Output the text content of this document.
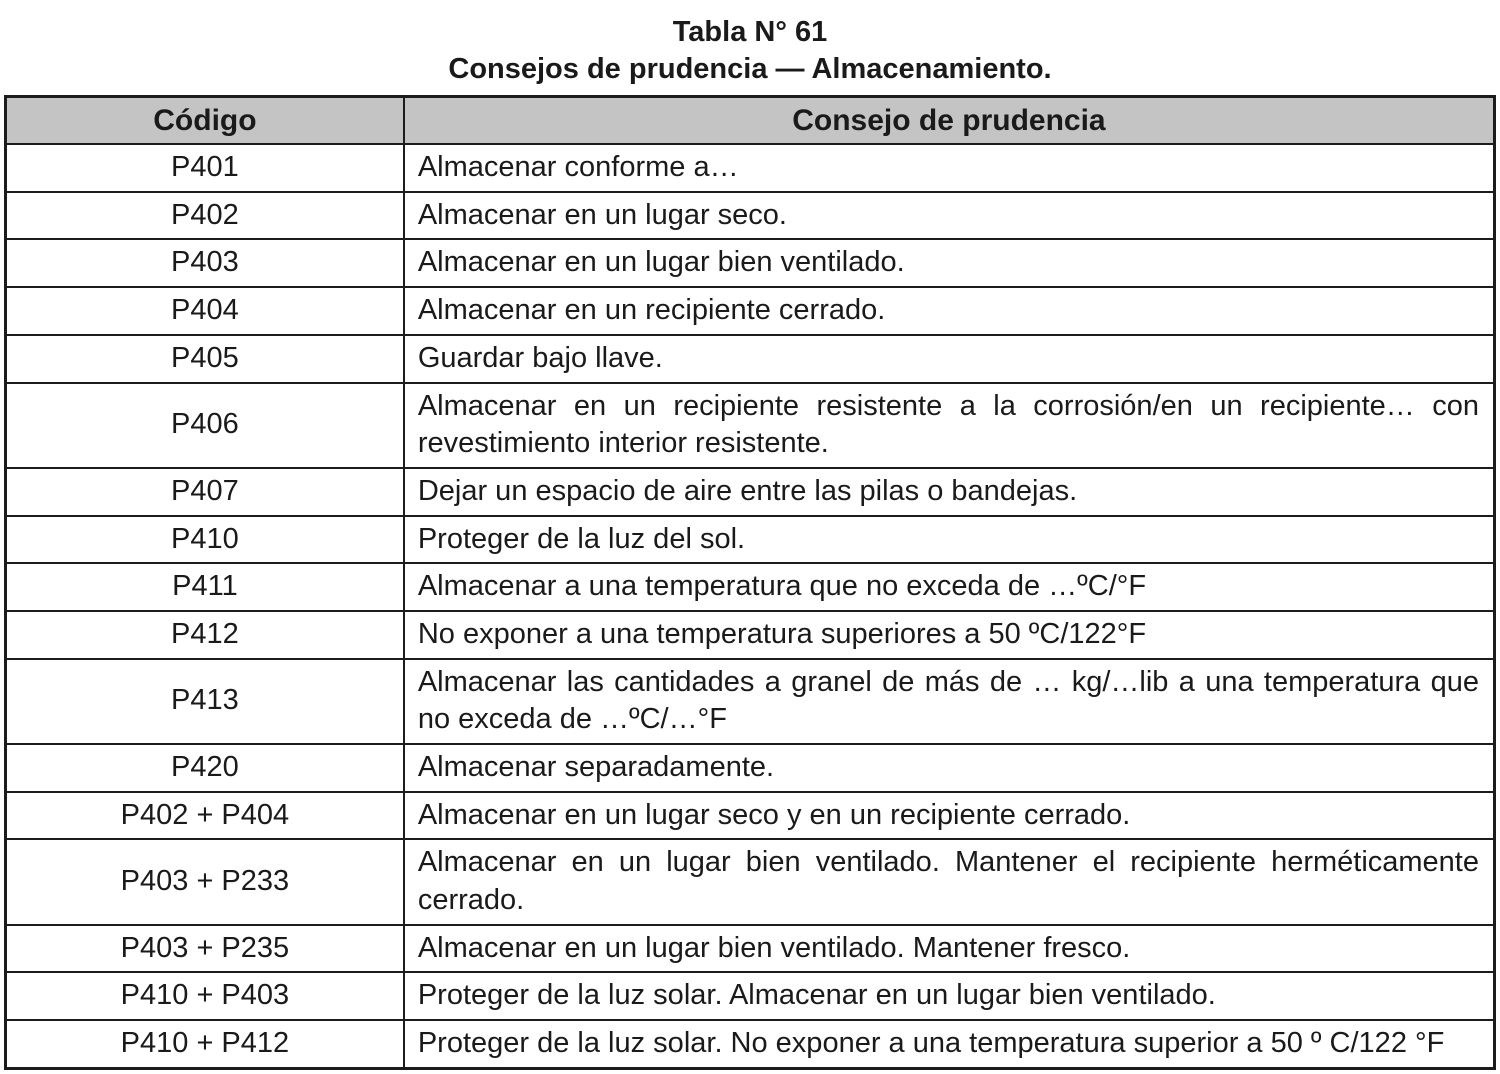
Tabla N° 61
Consejos de prudencia — Almacenamiento.
Código	Consejo de prudencia
P401	Almacenar conforme a…
P402	Almacenar en un lugar seco.
P403	Almacenar en un lugar bien ventilado.
P404	Almacenar en un recipiente cerrado.
P405	Guardar bajo llave.
P406	Almacenar en un recipiente resistente a la corrosión/en un recipiente… con revestimiento interior resistente.
P407	Dejar un espacio de aire entre las pilas o bandejas.
P410	Proteger de la luz del sol.
P411	Almacenar a una temperatura que no exceda de …ºC/°F
P412	No exponer a una temperatura superiores a 50 ºC/122°F
P413	Almacenar las cantidades a granel de más de … kg/…lib a una temperatura que no exceda de …ºC/…°F
P420	Almacenar separadamente.
P402 + P404	Almacenar en un lugar seco y en un recipiente cerrado.
P403 + P233	Almacenar en un lugar bien ventilado. Mantener el recipiente herméticamente cerrado.
P403 + P235	Almacenar en un lugar bien ventilado. Mantener fresco.
P410 + P403	Proteger de la luz solar. Almacenar en un lugar bien ventilado.
P410 + P412	Proteger de la luz solar. No exponer a una temperatura superior a 50 º C/122 °F
